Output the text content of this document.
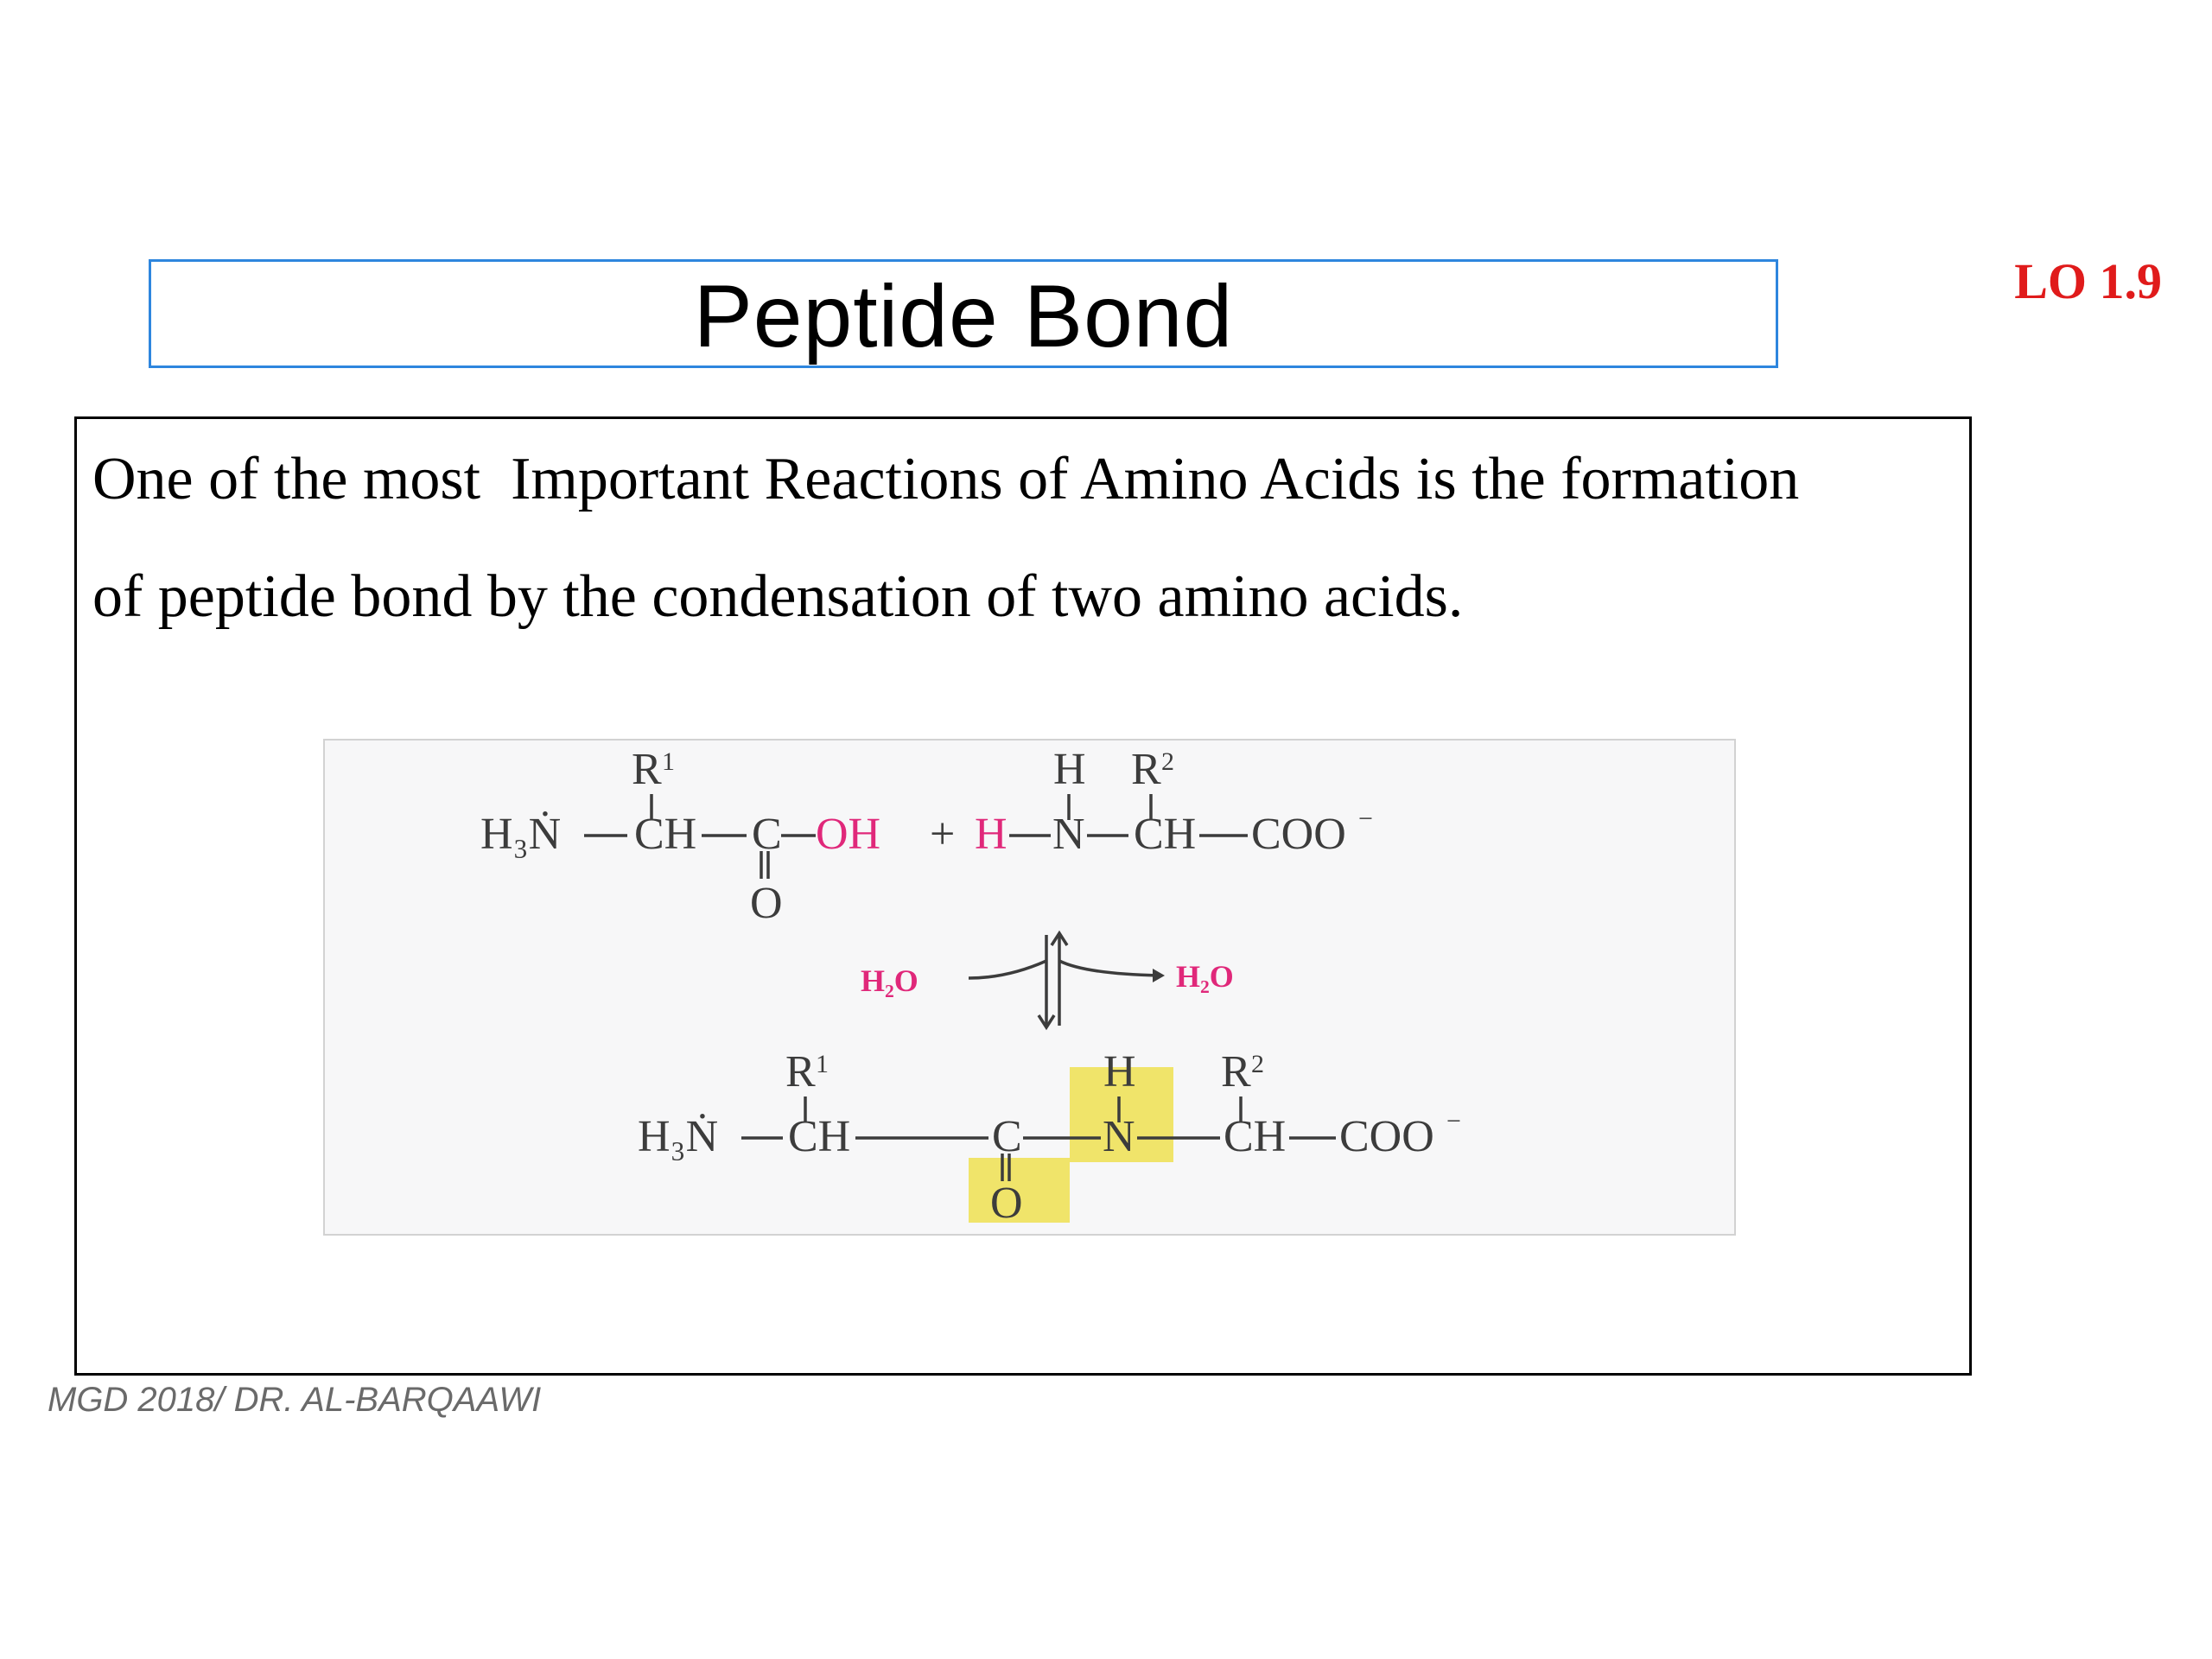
Peptide Bond	LO 1.9
One of the most  Important Reactions of Amino Acids is the formation
of peptide bond by the condensation of two amino acids.
H₃Ṅ CH
R 1
C
O
OH + H N
H
CH
R 2
COO −
H₂O	H₂O
H₃Ṅ CH
R 1
C
O
N
H
CH
R 2
COO −
MGD 2018/ DR. AL-BARQAAWI
